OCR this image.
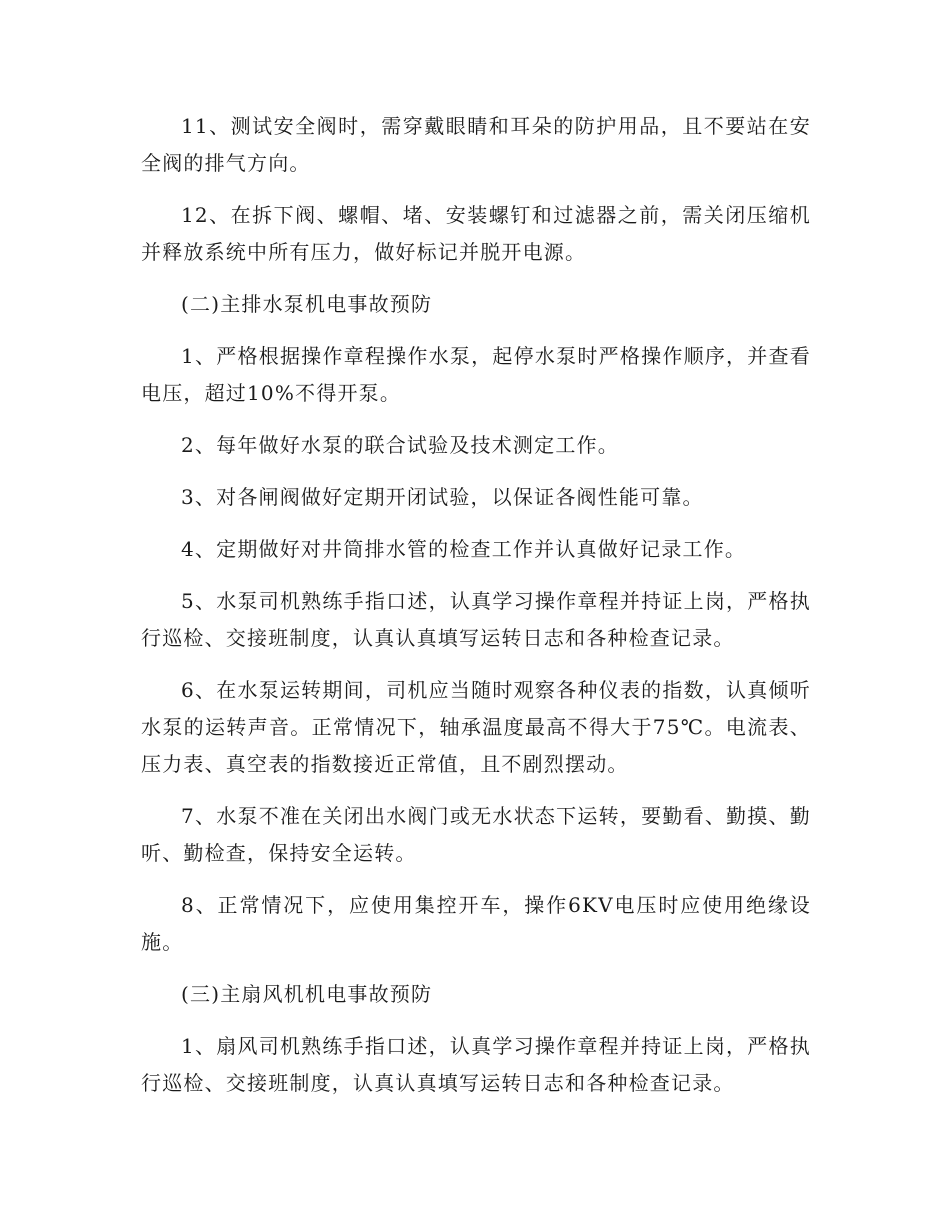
11、测试安全阀时，需穿戴眼睛和耳朵的防护用品，且不要站在安全阀的排气方向。

12、在拆下阀、螺帽、堵、安装螺钉和过滤器之前，需关闭压缩机并释放系统中所有压力，做好标记并脱开电源。

(二)主排水泵机电事故预防

1、严格根据操作章程操作水泵，起停水泵时严格操作顺序，并查看电压，超过10%不得开泵。

2、每年做好水泵的联合试验及技术测定工作。

3、对各闸阀做好定期开闭试验，以保证各阀性能可靠。

4、定期做好对井筒排水管的检查工作并认真做好记录工作。

5、水泵司机熟练手指口述，认真学习操作章程并持证上岗，严格执行巡检、交接班制度，认真认真填写运转日志和各种检查记录。

6、在水泵运转期间，司机应当随时观察各种仪表的指数，认真倾听水泵的运转声音。正常情况下，轴承温度最高不得大于75℃。电流表、压力表、真空表的指数接近正常值，且不剧烈摆动。

7、水泵不准在关闭出水阀门或无水状态下运转，要勤看、勤摸、勤听、勤检查，保持安全运转。

8、正常情况下，应使用集控开车，操作6KV电压时应使用绝缘设施。

(三)主扇风机机电事故预防

1、扇风司机熟练手指口述，认真学习操作章程并持证上岗，严格执行巡检、交接班制度，认真认真填写运转日志和各种检查记录。
